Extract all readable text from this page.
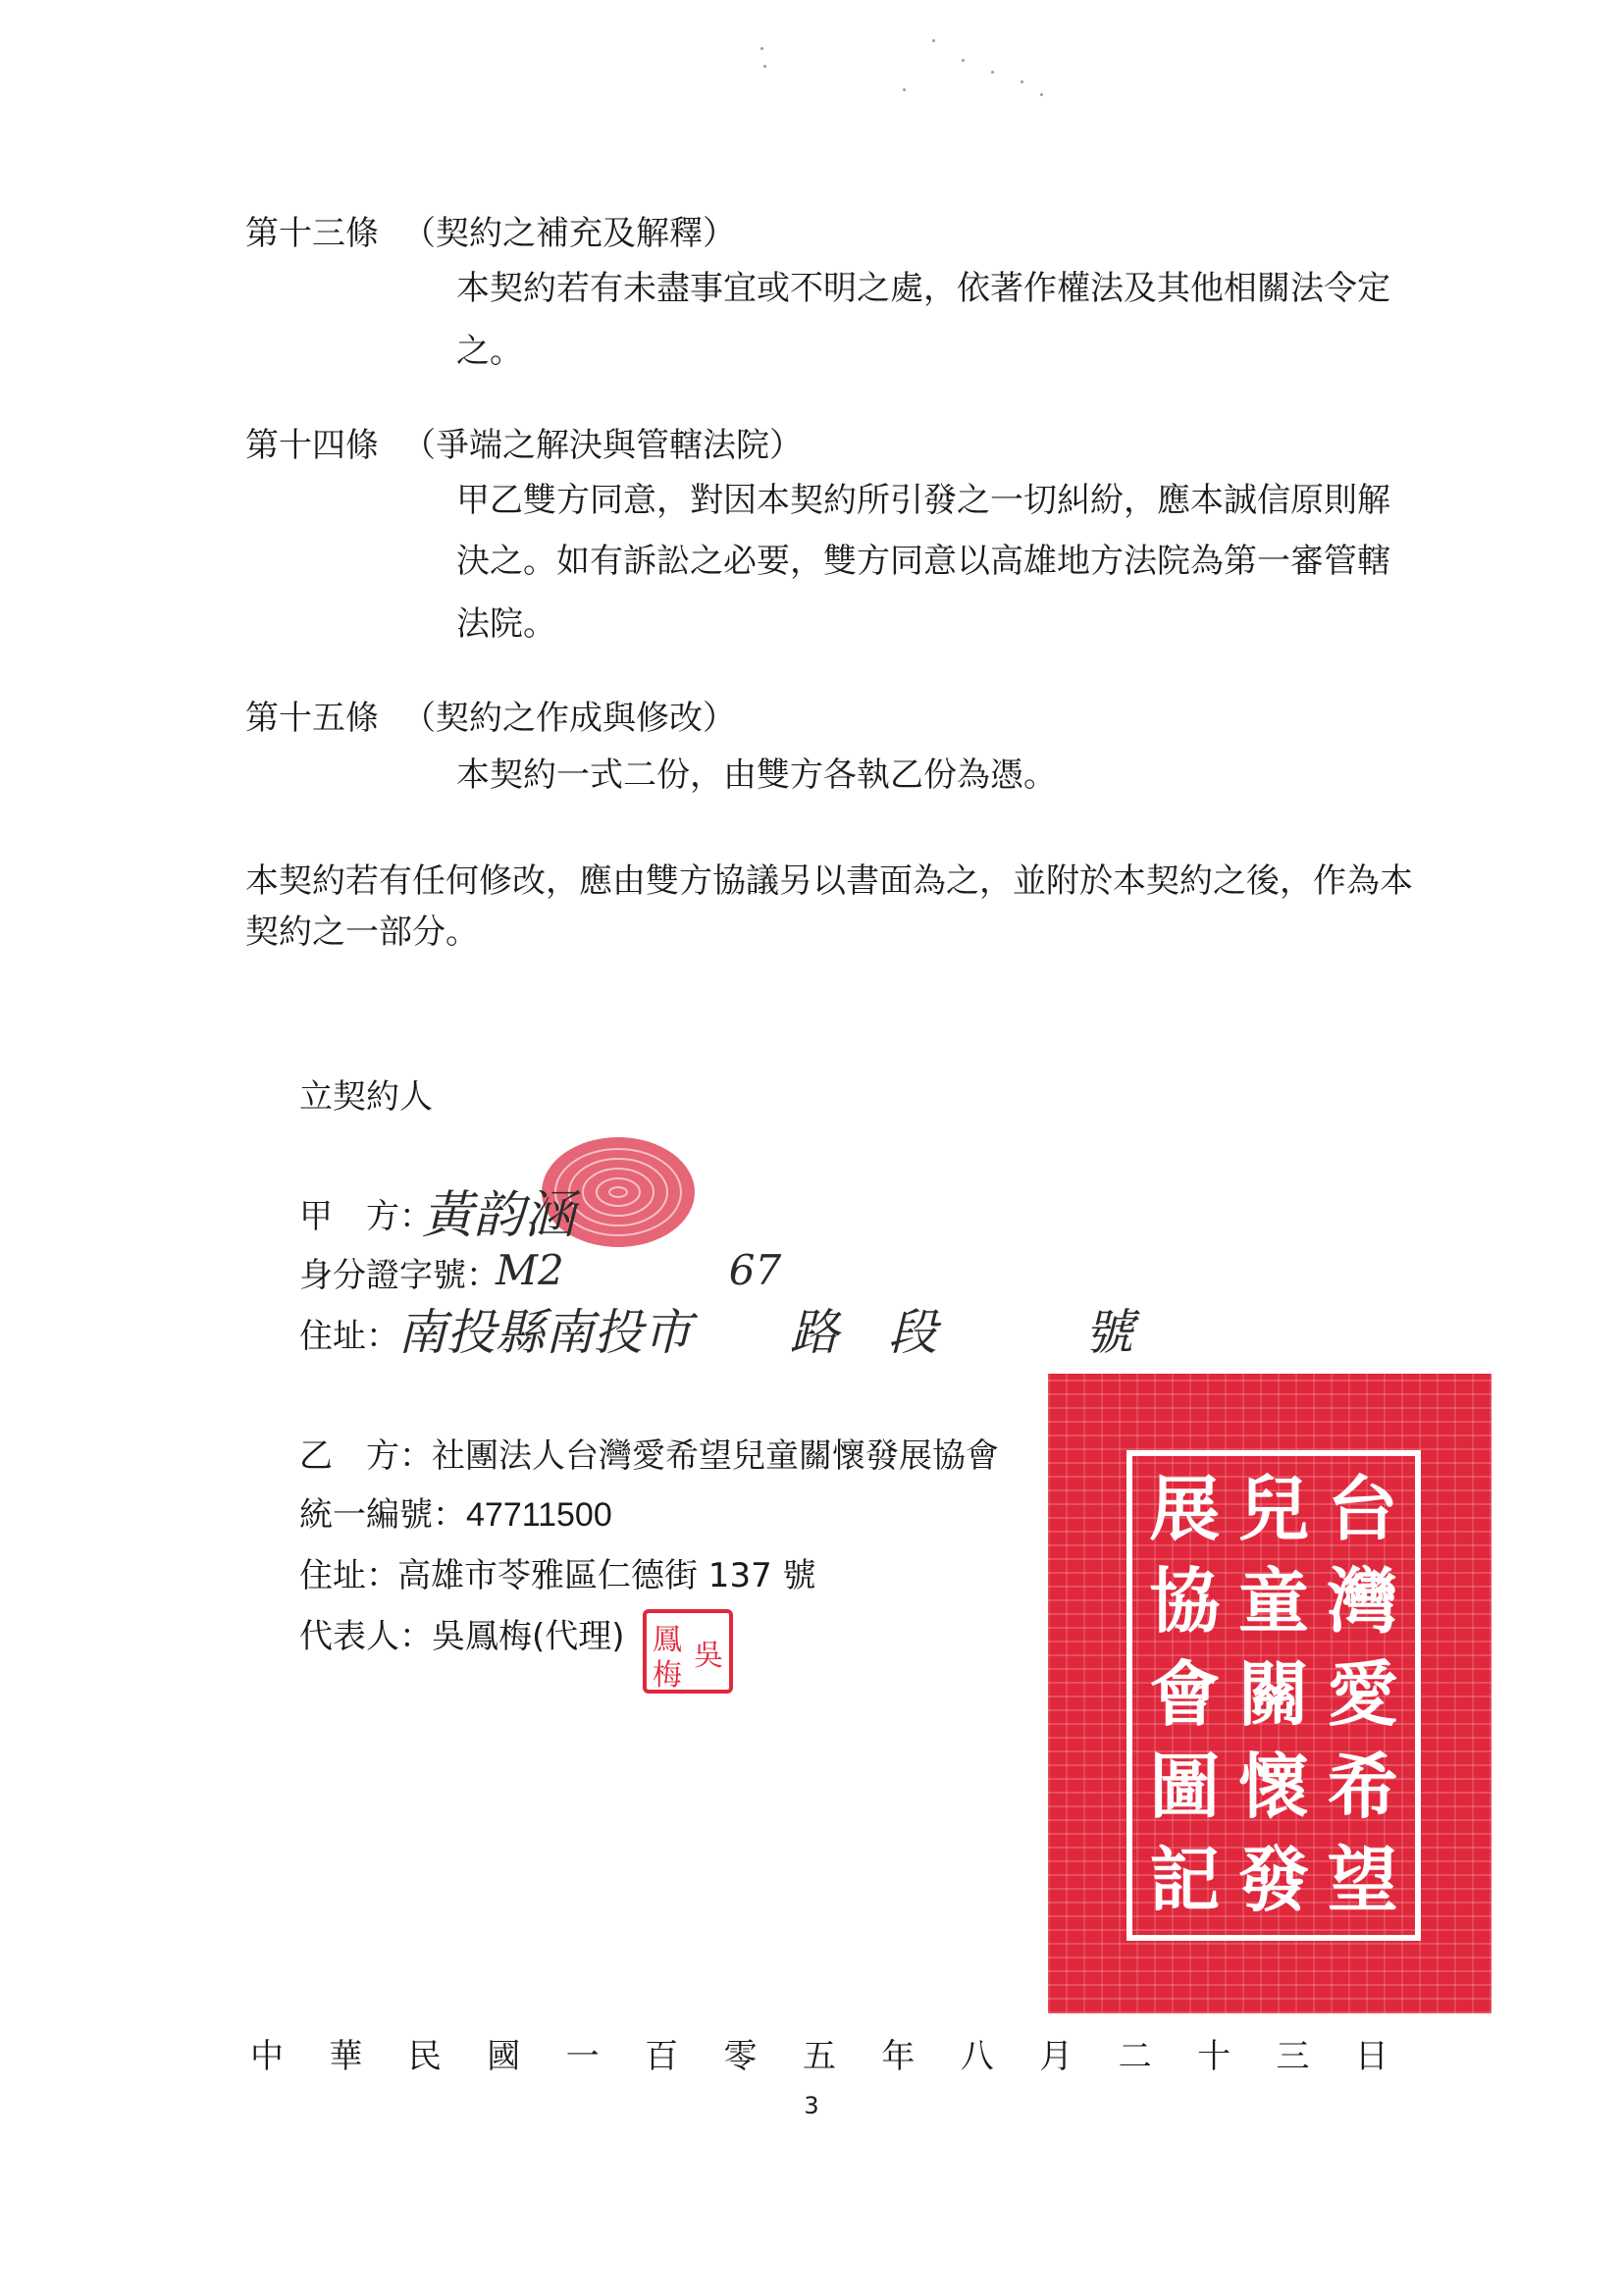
第十三條 （契約之補充及解釋）
本契約若有未盡事宜或不明之處，依著作權法及其他相關法令定
之。
第十四條 （爭端之解決與管轄法院）
甲乙雙方同意，對因本契約所引發之一切糾紛，應本誠信原則解
決之。如有訴訟之必要，雙方同意以高雄地方法院為第一審管轄
法院。
第十五條 （契約之作成與修改）
本契約一式二份，由雙方各執乙份為憑。
本契約若有任何修改，應由雙方協議另以書面為之，並附於本契約之後，作為本
契約之一部分。
立契約人
甲　方：
黃韵涵
身分證字號：
M2　　　　67
住址：
南投縣南投市　　路　段　　　號
乙　方： 社團法人台灣愛希望兒童關懷發展協會
統一編號： 47711500
住址：
高雄市苓雅區仁德街 137 號
代表人： 吳鳳梅(代理) 吳
鳳
梅
台
灣
愛
希
望
兒
童
關
懷
發
展
協
會
圖
記
中 華 民 國 一 百 零 五 年 八 月 二 十 三 日
3
